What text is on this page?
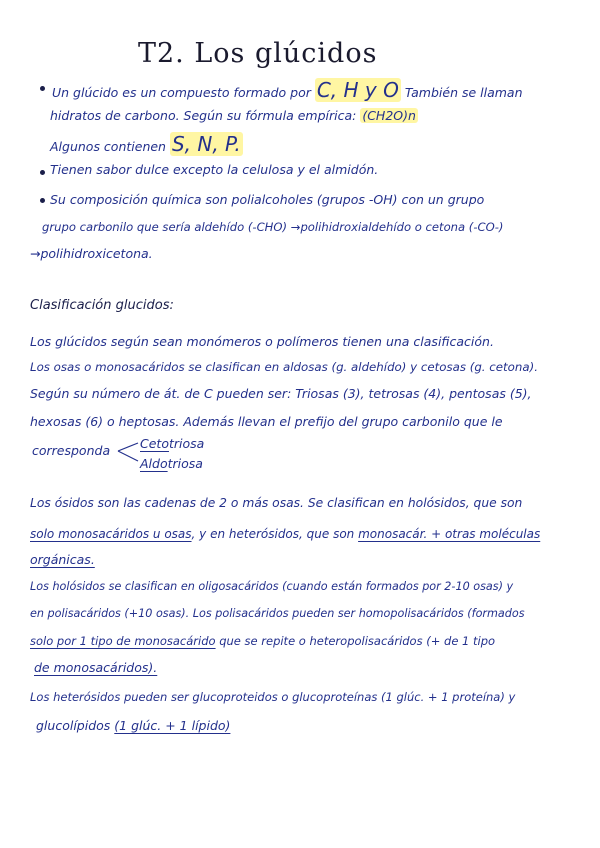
T2. Los glúcidos
Un glúcido es un compuesto formado por C, H y O También se llaman
hidratos de carbono. Según su fórmula empírica: (CH2O)n
Algunos contienen S, N, P.
Tienen sabor dulce excepto la celulosa y el almidón.
Su composición química son polialcoholes (grupos -OH) con un grupo
grupo carbonilo que sería aldehído (-CHO) →polihidroxialdehído o cetona (-CO-)
→polihidroxicetona.
Clasificación glucidos:
Los glúcidos según sean monómeros o polímeros tienen una clasificación.
Los osas o monosacáridos se clasifican en aldosas (g. aldehído) y cetosas (g. cetona).
Según su número de át. de C pueden ser: Triosas (3), tetrosas (4), pentosas (5),
hexosas (6) o heptosas. Además llevan el prefijo del grupo carbonilo que le
corresponda Cetotriosa
Aldotriosa
Los ósidos son las cadenas de 2 o más osas. Se clasifican en holósidos, que son
solo monosacáridos u osas, y en heterósidos, que son monosacár. + otras moléculas
orgánicas.
Los holósidos se clasifican en oligosacáridos (cuando están formados por 2-10 osas) y
en polisacáridos (+10 osas). Los polisacáridos pueden ser homopolisacáridos (formados
solo por 1 tipo de monosacárido que se repite o heteropolisacáridos (+ de 1 tipo
de monosacáridos).
Los heterósidos pueden ser glucoproteidos o glucoproteínas (1 glúc. + 1 proteína) y
glucolípidos (1 glúc. + 1 lípido)
